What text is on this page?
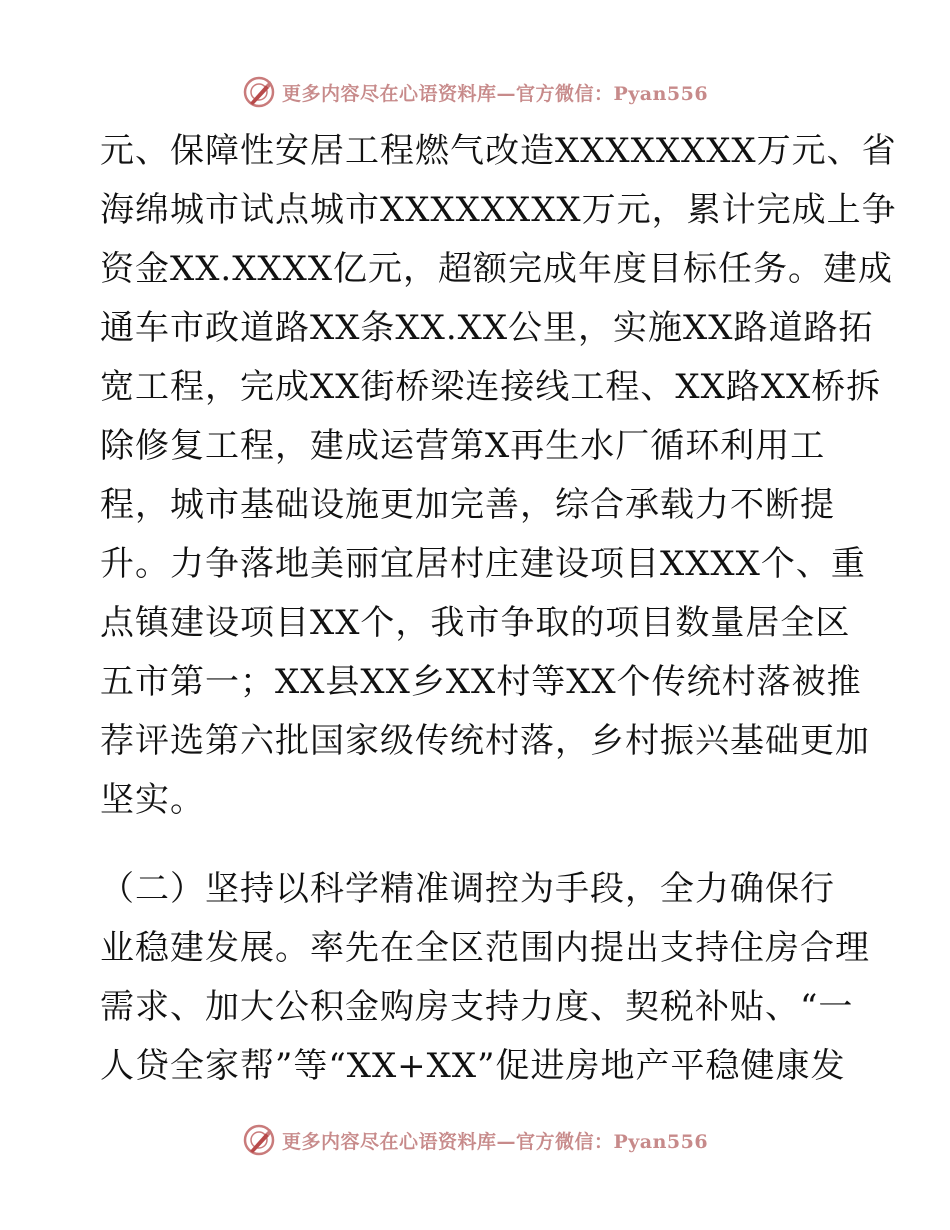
更多内容尽在心语资料库—官方微信：Pyan556
元、保障性安居工程燃气改造XXXXXXXX万元、省
海绵城市试点城市XXXXXXXX万元，累计完成上争
资金XX.XXXX亿元，超额完成年度目标任务。建成
通车市政道路XX条XX.XX公里，实施XX路道路拓
宽工程，完成XX街桥梁连接线工程、XX路XX桥拆
除修复工程，建成运营第X再生水厂循环利用工
程，城市基础设施更加完善，综合承载力不断提
升。力争落地美丽宜居村庄建设项目XXXX个、重
点镇建设项目XX个，我市争取的项目数量居全区
五市第一；XX县XX乡XX村等XX个传统村落被推
荐评选第六批国家级传统村落，乡村振兴基础更加
坚实。
（二）坚持以科学精准调控为手段，全力确保行
业稳建发展。率先在全区范围内提出支持住房合理
需求、加大公积金购房支持力度、契税补贴、“一
人贷全家帮”等“XX+XX”促进房地产平稳健康发
更多内容尽在心语资料库—官方微信：Pyan556
